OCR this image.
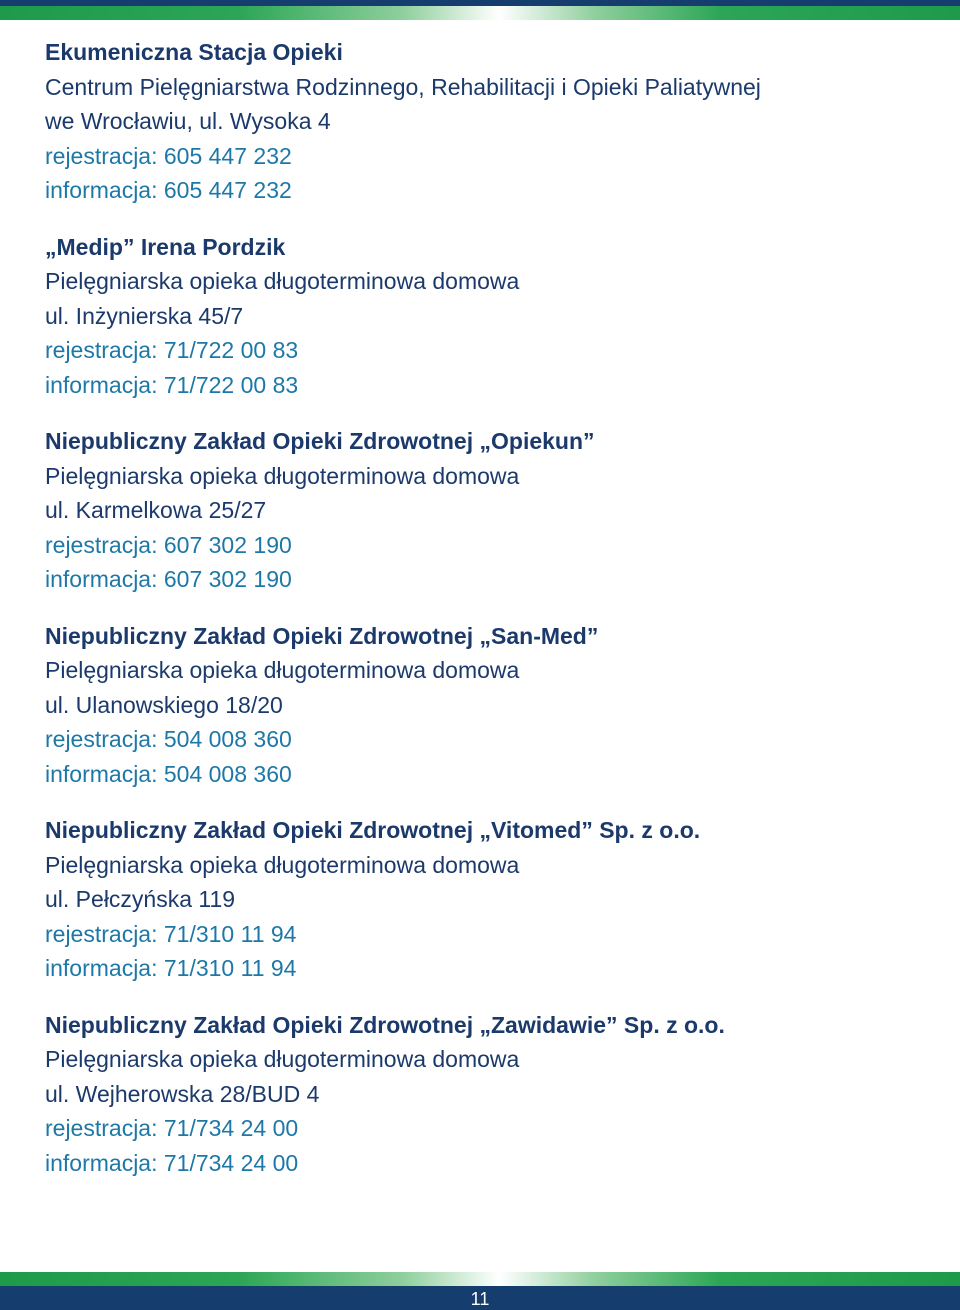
Ekumeniczna Stacja Opieki
Centrum Pielęgniarstwa Rodzinnego, Rehabilitacji i Opieki Paliatywnej
we Wrocławiu, ul. Wysoka 4
rejestracja: 605 447 232
informacja: 605 447 232
„Medip” Irena Pordzik
Pielęgniarska opieka długoterminowa domowa
ul. Inżynierska 45/7
rejestracja: 71/722 00 83
informacja: 71/722 00 83
Niepubliczny Zakład Opieki Zdrowotnej „Opiekun”
Pielęgniarska opieka długoterminowa domowa
ul. Karmelkowa 25/27
rejestracja: 607 302 190
informacja: 607 302 190
Niepubliczny Zakład Opieki Zdrowotnej „San-Med”
Pielęgniarska opieka długoterminowa domowa
ul. Ulanowskiego 18/20
rejestracja: 504 008 360
informacja: 504 008 360
Niepubliczny Zakład Opieki Zdrowotnej „Vitomed” Sp. z o.o.
Pielęgniarska opieka długoterminowa domowa
ul. Pełczyńska 119
rejestracja: 71/310 11 94
informacja: 71/310 11 94
Niepubliczny Zakład Opieki Zdrowotnej „Zawidawie” Sp. z o.o.
Pielęgniarska opieka długoterminowa domowa
ul. Wejherowska 28/BUD 4
rejestracja: 71/734 24 00
informacja: 71/734 24 00
11
